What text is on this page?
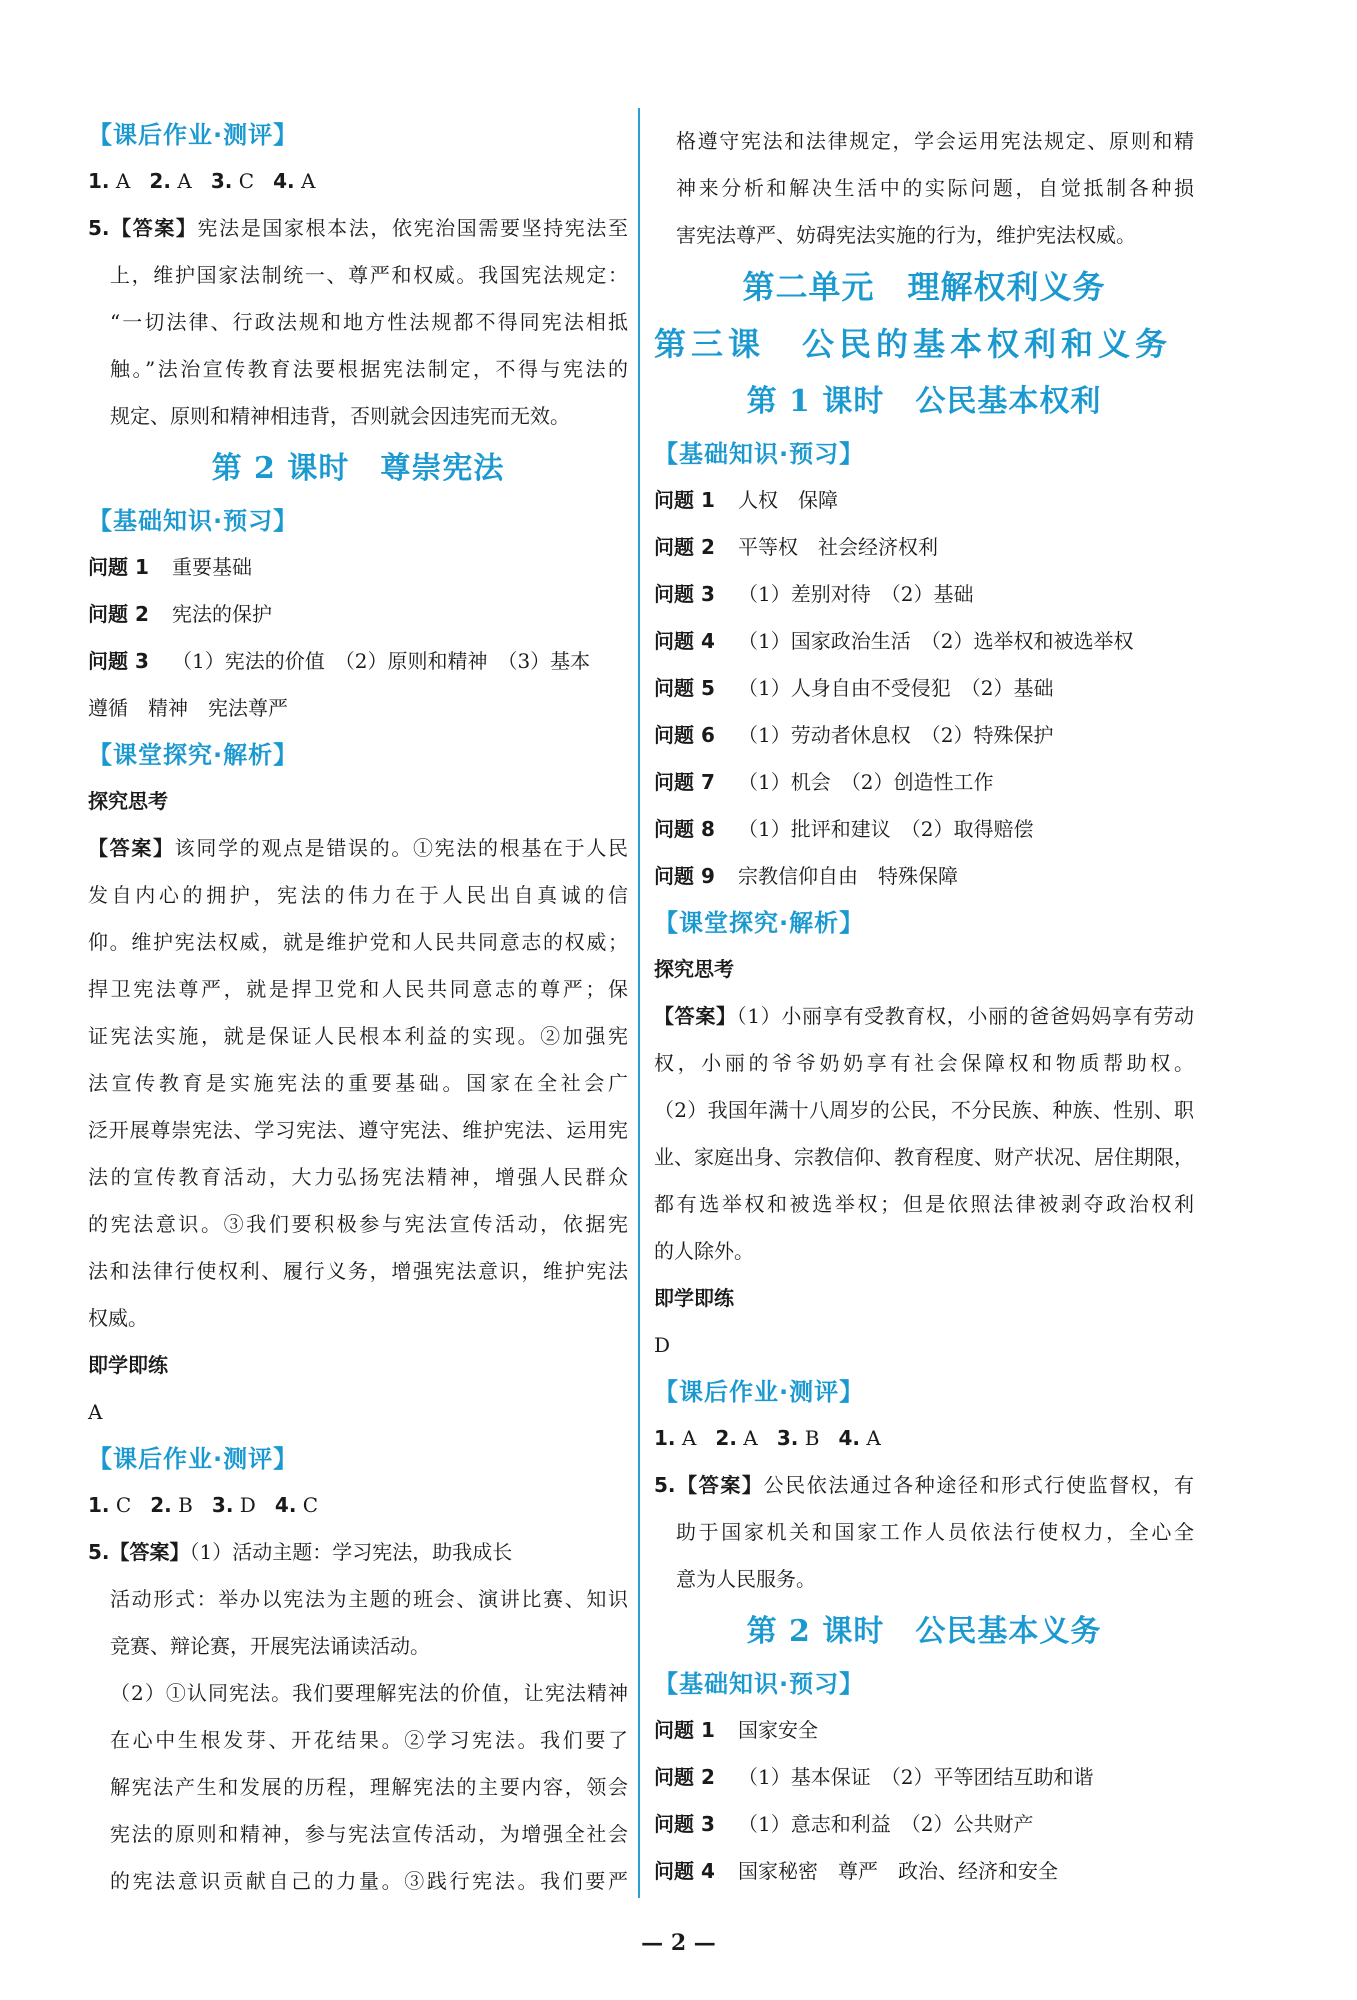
【课后作业·测评】
1. A 2. A 3. C 4. A
5.【答案】宪法是国家根本法，依宪治国需要坚持宪法至
上，维护国家法制统一、尊严和权威。我国宪法规定：
“一切法律、行政法规和地方性法规都不得同宪法相抵
触。”法治宣传教育法要根据宪法制定，不得与宪法的
规定、原则和精神相违背，否则就会因违宪而无效。
第 2 课时　尊崇宪法
【基础知识·预习】
问题 1 重要基础
问题 2 宪法的保护
问题 3 （1）宪法的价值　（2）原则和精神　（3）基本
遵循　精神　宪法尊严
【课堂探究·解析】
探究思考
【答案】该同学的观点是错误的。①宪法的根基在于人民
发自内心的拥护，宪法的伟力在于人民出自真诚的信
仰。维护宪法权威，就是维护党和人民共同意志的权威；
捍卫宪法尊严，就是捍卫党和人民共同意志的尊严；保
证宪法实施，就是保证人民根本利益的实现。②加强宪
法宣传教育是实施宪法的重要基础。国家在全社会广
泛开展尊崇宪法、学习宪法、遵守宪法、维护宪法、运用宪
法的宣传教育活动，大力弘扬宪法精神，增强人民群众
的宪法意识。③我们要积极参与宪法宣传活动，依据宪
法和法律行使权利、履行义务，增强宪法意识，维护宪法
权威。
即学即练
A
【课后作业·测评】
1. C 2. B 3. D 4. C
5.【答案】（1）活动主题：学习宪法，助我成长
活动形式：举办以宪法为主题的班会、演讲比赛、知识
竞赛、辩论赛，开展宪法诵读活动。
（2）①认同宪法。我们要理解宪法的价值，让宪法精神
在心中生根发芽、开花结果。②学习宪法。我们要了
解宪法产生和发展的历程，理解宪法的主要内容，领会
宪法的原则和精神，参与宪法宣传活动，为增强全社会
的宪法意识贡献自己的力量。③践行宪法。我们要严
格遵守宪法和法律规定，学会运用宪法规定、原则和精
神来分析和解决生活中的实际问题，自觉抵制各种损
害宪法尊严、妨碍宪法实施的行为，维护宪法权威。
第二单元　理解权利义务
第三课　公民的基本权利和义务
第 1 课时　公民基本权利
【基础知识·预习】
问题 1 人权　保障
问题 2 平等权　社会经济权利
问题 3 （1）差别对待　（2）基础
问题 4 （1）国家政治生活　（2）选举权和被选举权
问题 5 （1）人身自由不受侵犯　（2）基础
问题 6 （1）劳动者休息权　（2）特殊保护
问题 7 （1）机会　（2）创造性工作
问题 8 （1）批评和建议　（2）取得赔偿
问题 9 宗教信仰自由　特殊保障
【课堂探究·解析】
探究思考
【答案】（1）小丽享有受教育权，小丽的爸爸妈妈享有劳动
权，小丽的爷爷奶奶享有社会保障权和物质帮助权。
（2）我国年满十八周岁的公民，不分民族、种族、性别、职
业、家庭出身、宗教信仰、教育程度、财产状况、居住期限，
都有选举权和被选举权；但是依照法律被剥夺政治权利
的人除外。
即学即练
D
【课后作业·测评】
1. A 2. A 3. B 4. A
5.【答案】公民依法通过各种途径和形式行使监督权，有
助于国家机关和国家工作人员依法行使权力，全心全
意为人民服务。
第 2 课时　公民基本义务
【基础知识·预习】
问题 1 国家安全
问题 2 （1）基本保证　（2）平等团结互助和谐
问题 3 （1）意志和利益　（2）公共财产
问题 4 国家秘密　尊严　政治、经济和安全
— 2 —
